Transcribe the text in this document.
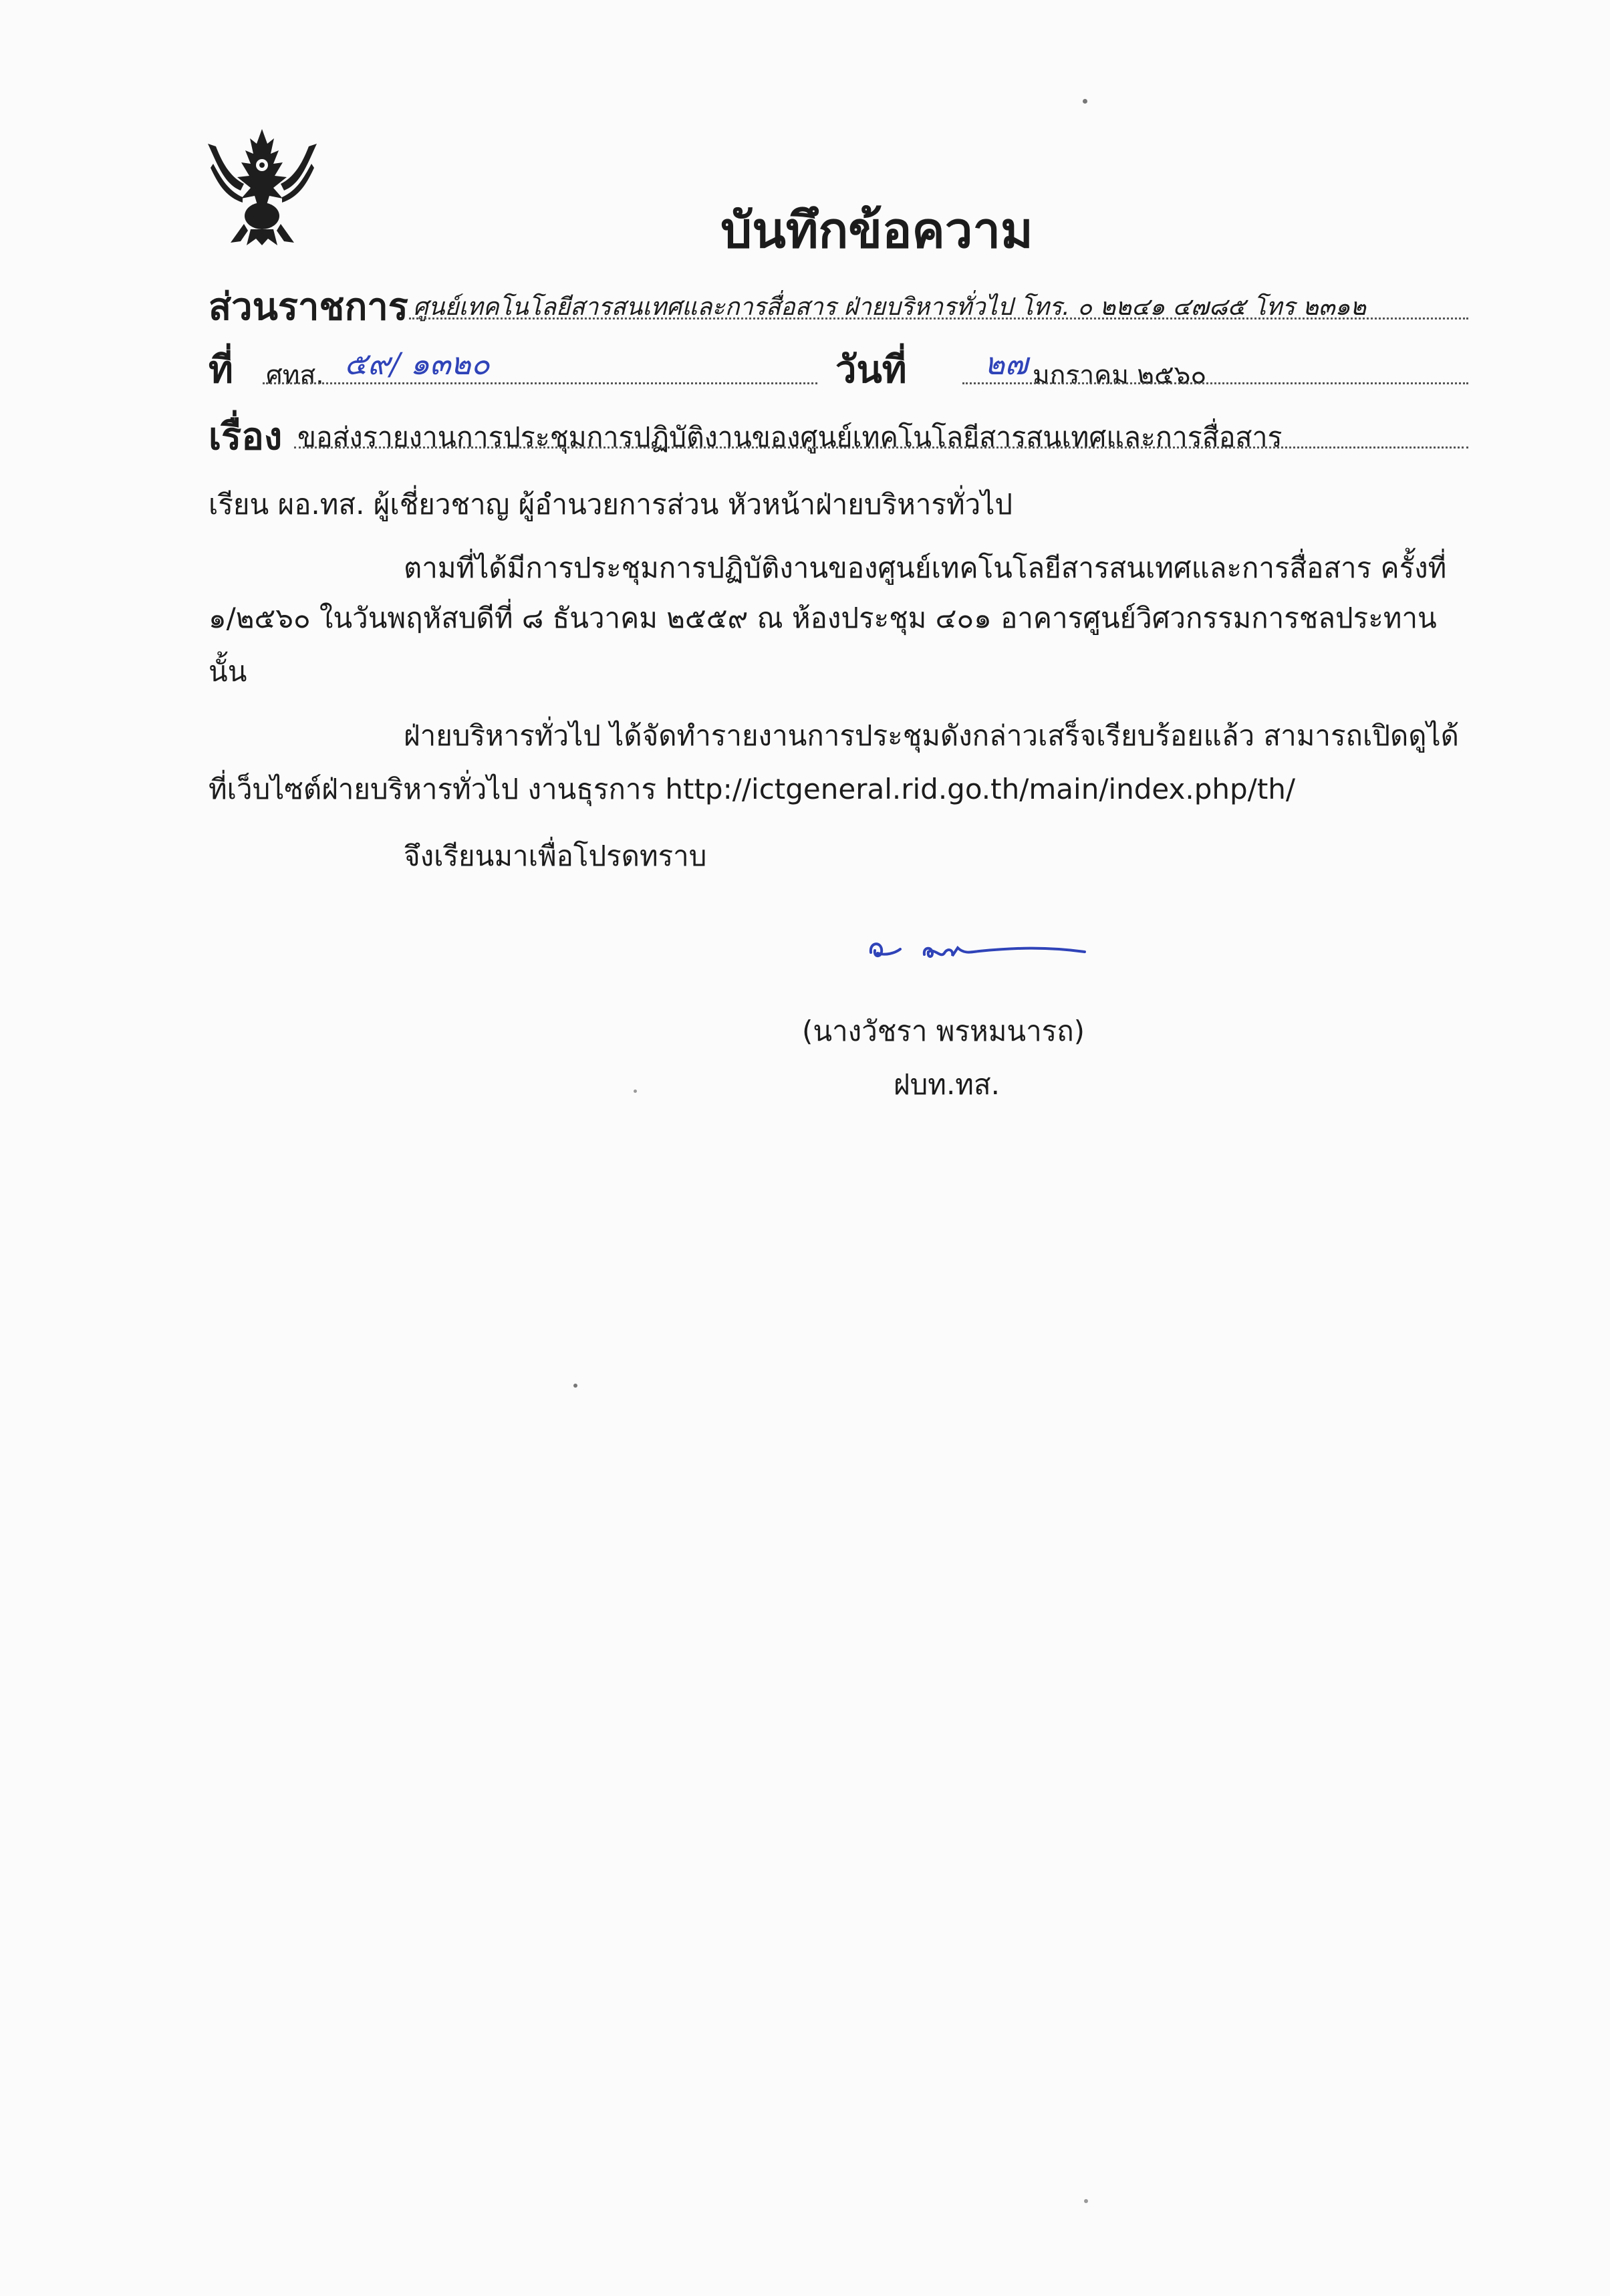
บันทึกข้อความ
ส่วนราชการ ศูนย์เทคโนโลยีสารสนเทศและการสื่อสาร ฝ่ายบริหารทั่วไป โทร. ๐ ๒๒๔๑ ๔๗๘๕ โทร ๒๓๑๒
ที่ ศทส. ๕๙/ ๑๓๒๐	วันที่	๒๗ มกราคม ๒๕๖๐
เรื่อง ขอส่งรายงานการประชุมการปฏิบัติงานของศูนย์เทคโนโลยีสารสนเทศและการสื่อสาร
เรียน ผอ.ทส. ผู้เชี่ยวชาญ ผู้อำนวยการส่วน หัวหน้าฝ่ายบริหารทั่วไป
ตามที่ได้มีการประชุมการปฏิบัติงานของศูนย์เทคโนโลยีสารสนเทศและการสื่อสาร ครั้งที่
๑/๒๕๖๐ ในวันพฤหัสบดีที่ ๘ ธันวาคม ๒๕๕๙ ณ ห้องประชุม ๔๐๑ อาคารศูนย์วิศวกรรมการชลประทาน
นั้น
ฝ่ายบริหารทั่วไป ได้จัดทำรายงานการประชุมดังกล่าวเสร็จเรียบร้อยแล้ว สามารถเปิดดูได้
ที่เว็บไซต์ฝ่ายบริหารทั่วไป งานธุรการ http://ictgeneral.rid.go.th/main/index.php/th/
จึงเรียนมาเพื่อโปรดทราบ
(นางวัชรา พรหมนารถ)
ฝบท.ทส.
